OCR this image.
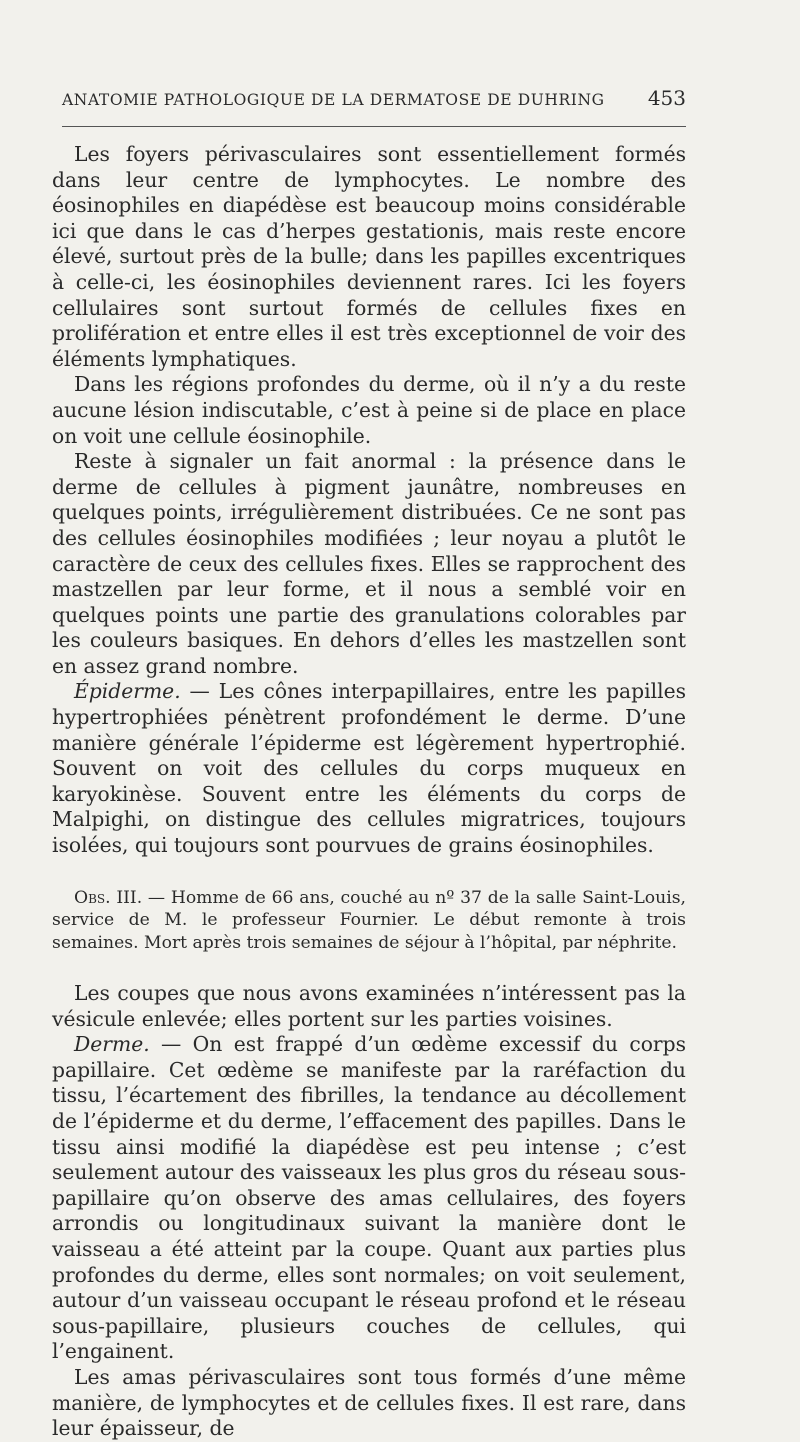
ANATOMIE PATHOLOGIQUE DE LA DERMATOSE DE DUHRING 453

Les foyers périvasculaires sont essentiellement formés dans leur centre de lymphocytes. Le nombre des éosinophiles en diapédèse est beaucoup moins considérable ici que dans le cas d’herpes gestationis, mais reste encore élevé, surtout près de la bulle; dans les papilles excentriques à celle-ci, les éosinophiles deviennent rares. Ici les foyers cellulaires sont surtout formés de cellules fixes en prolifération et entre elles il est très exceptionnel de voir des éléments lymphatiques.

Dans les régions profondes du derme, où il n’y a du reste aucune lésion indiscutable, c’est à peine si de place en place on voit une cellule éosinophile.

Reste à signaler un fait anormal : la présence dans le derme de cellules à pigment jaunâtre, nombreuses en quelques points, irrégulièrement distribuées. Ce ne sont pas des cellules éosinophiles modifiées ; leur noyau a plutôt le caractère de ceux des cellules fixes. Elles se rapprochent des mastzellen par leur forme, et il nous a semblé voir en quelques points une partie des granulations colorables par les couleurs basiques. En dehors d’elles les mastzellen sont en assez grand nombre.

Épiderme. — Les cônes interpapillaires, entre les papilles hypertrophiées pénètrent profondément le derme. D’une manière générale l’épiderme est légèrement hypertrophié. Souvent on voit des cellules du corps muqueux en karyokinèse. Souvent entre les éléments du corps de Malpighi, on distingue des cellules migratrices, toujours isolées, qui toujours sont pourvues de grains éosinophiles.

Obs. III. — Homme de 66 ans, couché au nº 37 de la salle Saint-Louis, service de M. le professeur Fournier. Le début remonte à trois semaines. Mort après trois semaines de séjour à l’hôpital, par néphrite.

Les coupes que nous avons examinées n’intéressent pas la vésicule enlevée; elles portent sur les parties voisines.

Derme. — On est frappé d’un œdème excessif du corps papillaire. Cet œdème se manifeste par la raréfaction du tissu, l’écartement des fibrilles, la tendance au décollement de l’épiderme et du derme, l’effacement des papilles. Dans le tissu ainsi modifié la diapédèse est peu intense ; c’est seulement autour des vaisseaux les plus gros du réseau sous-papillaire qu’on observe des amas cellulaires, des foyers arrondis ou longitudinaux suivant la manière dont le vaisseau a été atteint par la coupe. Quant aux parties plus profondes du derme, elles sont normales; on voit seulement, autour d’un vaisseau occupant le réseau profond et le réseau sous-papillaire, plusieurs couches de cellules, qui l’engainent.

Les amas périvasculaires sont tous formés d’une même manière, de lymphocytes et de cellules fixes. Il est rare, dans leur épaisseur, de
